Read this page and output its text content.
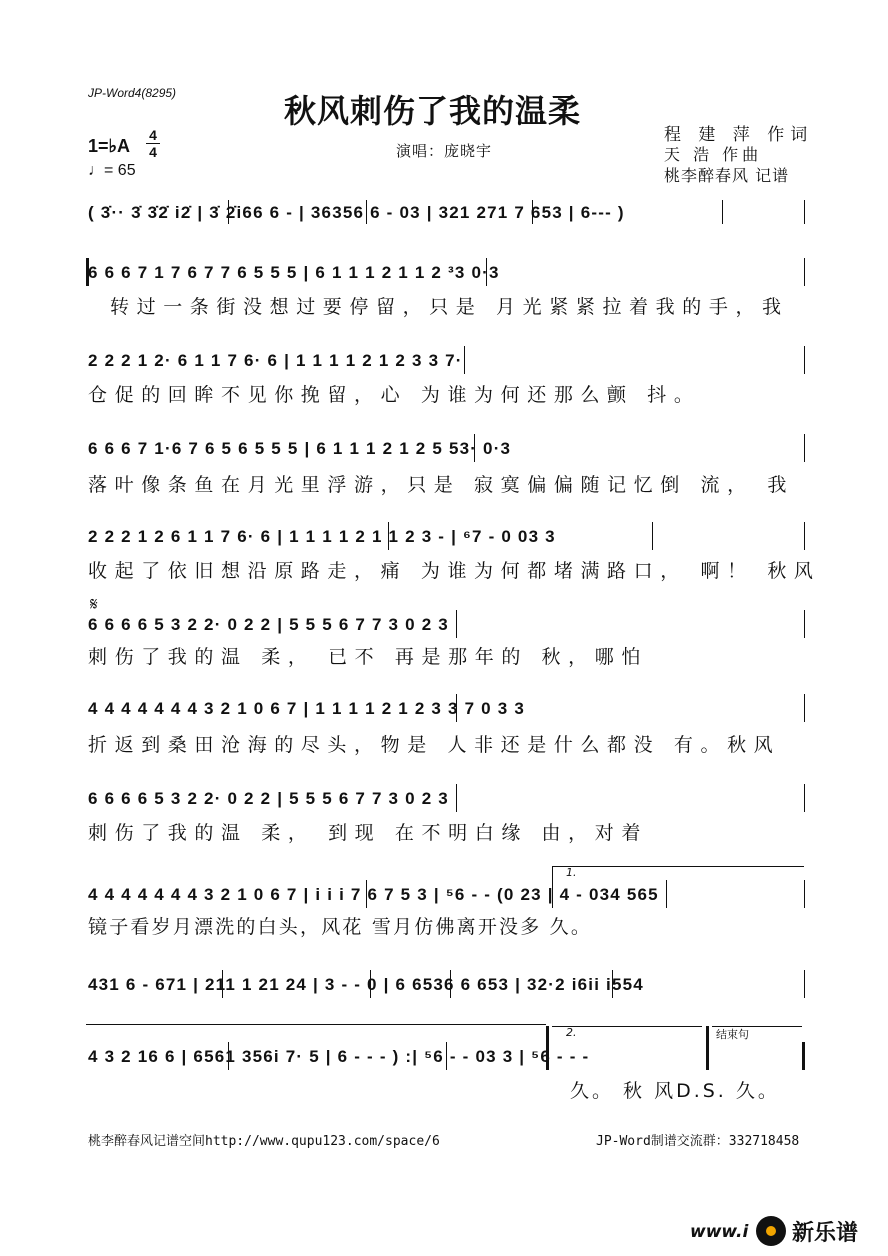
JP-Word4(8295)	秋风刺伤了我的温柔
程 建 萍 作词
天 浩 作曲
桃李醉春风 记谱
演唱：庞晓宇
1=♭A
4
4
♩= 65
( 3̇·· 3̇ 3̇2̇ i2̇ | 3̇ 2̇i66 6 - | 36356 6 - 03 | 321 271 7 653 | 6--- )
6 6 6 7 1 7 6 7 7 6 5 5 5 | 6 1 1 1 2 1 1 2 ³3 0·3
转过一条街没想过要停留，只是 月光紧紧拉着我的手，我
2 2 2 1 2· 6 1 1 7 6· 6 | 1 1 1 1 2 1 2 3 3 7·
仓促的回眸不见你挽留，心 为谁为何还那么颤 抖。
6 6 6 7 1·6 7 6 5 6 5 5 5 | 6 1 1 1 2 1 2 5 53· 0·3
落叶像条鱼在月光里浮游，只是 寂寞偏偏随记忆倒 流， 我
2 2 2 1 2 6 1 1 7 6· 6 | 1 1 1 1 2 1 1 2 3 - | ⁶7 - 0 03 3
收起了依旧想沿原路走，痛 为谁为何都堵满路口， 啊！ 秋风
𝄋
6 6 6 6 5 3 2 2· 0 2 2 | 5 5 5 6 7 7 3 0 2 3
刺伤了我的温 柔， 已不 再是那年的 秋，哪怕
4 4 4 4 4 4 4 3 2 1 0 6 7 | 1 1 1 1 2 1 2 3 3 7 0 3 3
折返到桑田沧海的尽头，物是 人非还是什么都没 有。秋风
6 6 6 6 5 3 2 2· 0 2 2 | 5 5 5 6 7 7 3 0 2 3
刺伤了我的温 柔， 到现 在不明白缘 由，对着
1.
4 4 4 4 4 4 4 3 2 1 0 6 7 | i i i 7 6 7 5 3 | ⁵6 - - (0 23 | 4 - 034 565
镜子看岁月漂洗的白头，风花 雪月仿佛离开没多 久。
431 6 - 671 | 211 1 21 24 | 3 - - 0 | 6 6536 6 653 | 32·2 i6ii i554
2.	结束句
4 3 2 16 6 | 6561 356i 7· 5 | 6 - - - ) :| ⁵6 - - 03 3 | ⁵6 - - -
久。 秋 风D.S. 久。
桃李醉春风记谱空间http://www.qupu123.com/space/6	JP-Word制谱交流群：332718458
www.i 新乐谱
